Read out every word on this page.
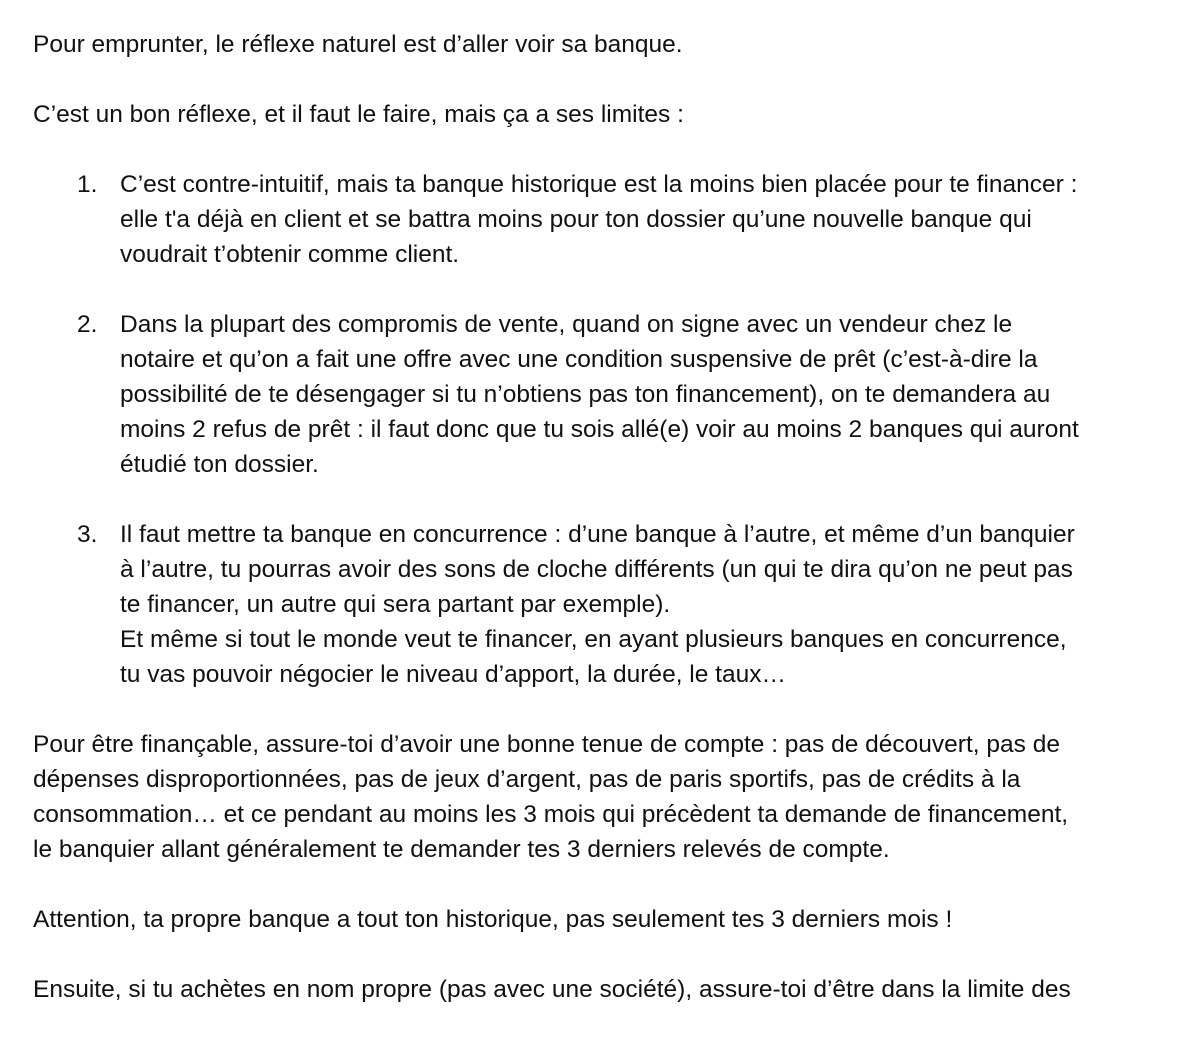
Pour emprunter, le réflexe naturel est d’aller voir sa banque.

C’est un bon réflexe, et il faut le faire, mais ça a ses limites :

1. C’est contre-intuitif, mais ta banque historique est la moins bien placée pour te financer :
elle t'a déjà en client et se battra moins pour ton dossier qu’une nouvelle banque qui
voudrait t’obtenir comme client.
2. Dans la plupart des compromis de vente, quand on signe avec un vendeur chez le
notaire et qu’on a fait une offre avec une condition suspensive de prêt (c’est-à-dire la
possibilité de te désengager si tu n’obtiens pas ton financement), on te demandera au
moins 2 refus de prêt : il faut donc que tu sois allé(e) voir au moins 2 banques qui auront
étudié ton dossier.
3. Il faut mettre ta banque en concurrence : d’une banque à l’autre, et même d’un banquier
à l’autre, tu pourras avoir des sons de cloche différents (un qui te dira qu’on ne peut pas
te financer, un autre qui sera partant par exemple).
Et même si tout le monde veut te financer, en ayant plusieurs banques en concurrence,
tu vas pouvoir négocier le niveau d’apport, la durée, le taux…

Pour être finançable, assure-toi d’avoir une bonne tenue de compte : pas de découvert, pas de
dépenses disproportionnées, pas de jeux d’argent, pas de paris sportifs, pas de crédits à la
consommation… et ce pendant au moins les 3 mois qui précèdent ta demande de financement,
le banquier allant généralement te demander tes 3 derniers relevés de compte.

Attention, ta propre banque a tout ton historique, pas seulement tes 3 derniers mois !

Ensuite, si tu achètes en nom propre (pas avec une société), assure-toi d’être dans la limite des
